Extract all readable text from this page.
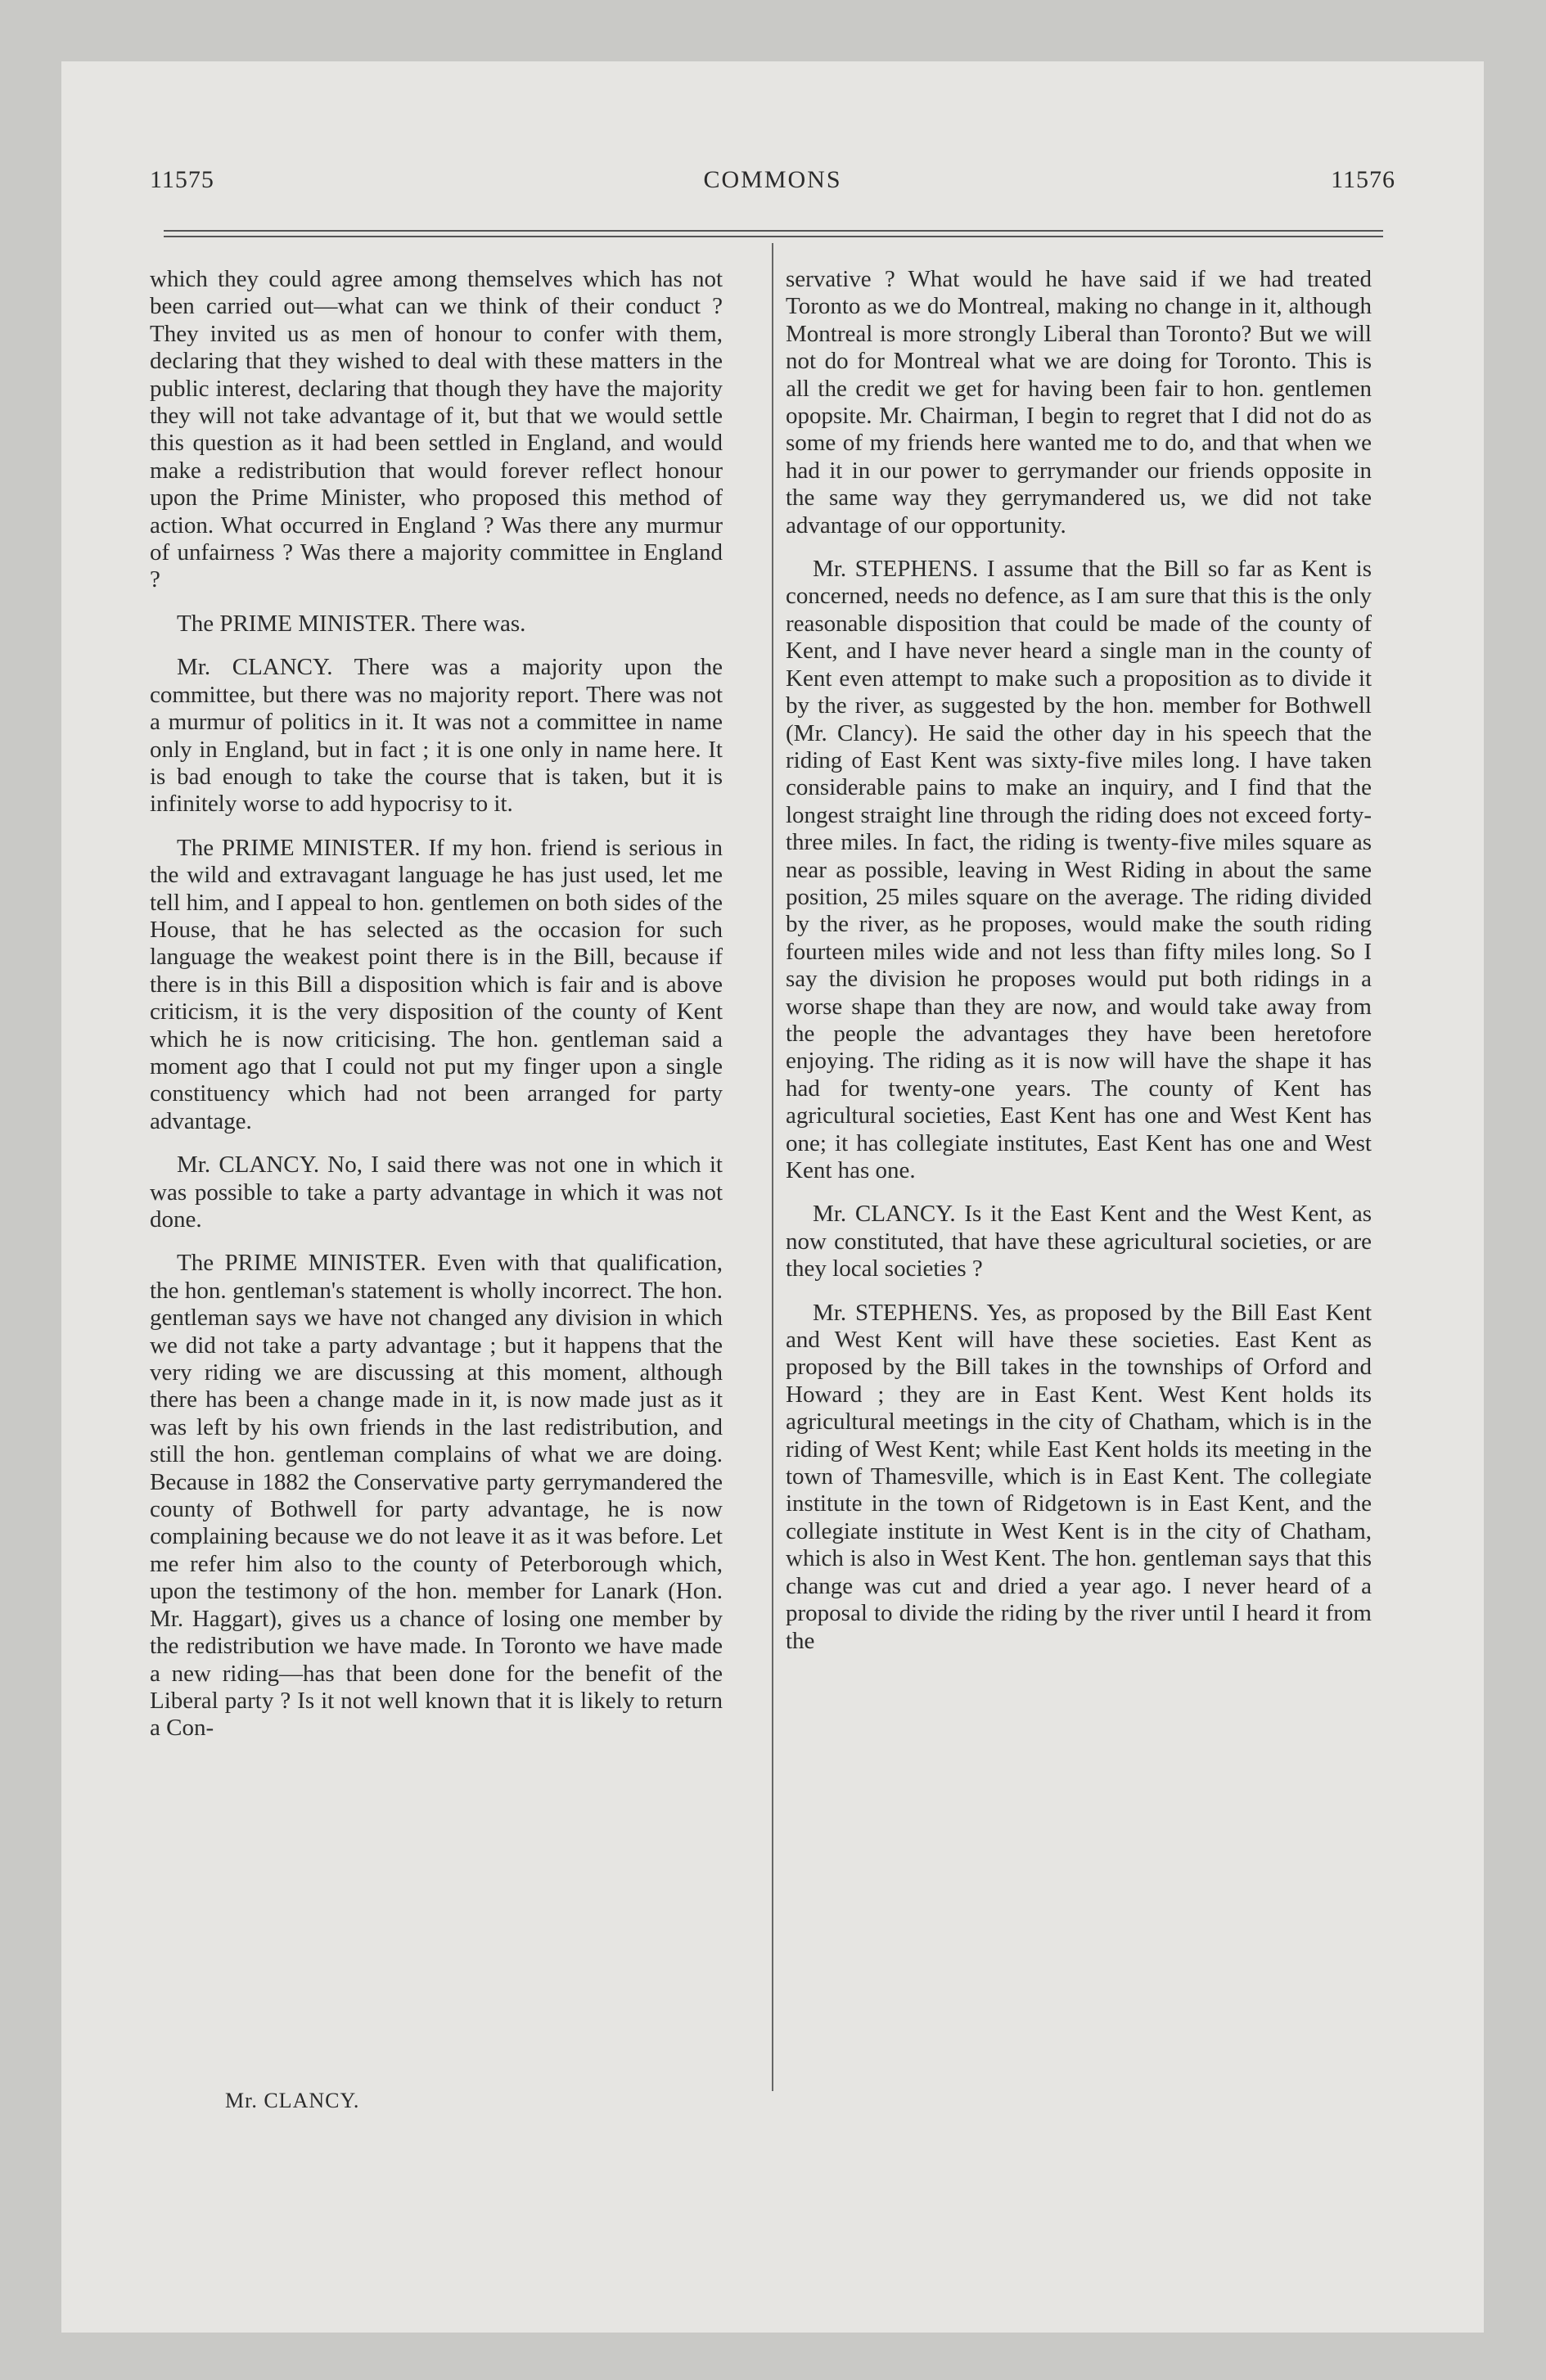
11575	COMMONS	11576

which they could agree among themselves which has not been carried out—what can we think of their conduct ? They invited us as men of honour to confer with them, declaring that they wished to deal with these matters in the public interest, declaring that though they have the majority they will not take advantage of it, but that we would settle this question as it had been settled in England, and would make a redistribution that would forever reflect honour upon the Prime Minister, who proposed this method of action. What occurred in England ? Was there any murmur of unfairness ? Was there a majority committee in England ?

The PRIME MINISTER. There was.

Mr. CLANCY. There was a majority upon the committee, but there was no majority report. There was not a murmur of politics in it. It was not a committee in name only in England, but in fact ; it is one only in name here. It is bad enough to take the course that is taken, but it is infinitely worse to add hypocrisy to it.

The PRIME MINISTER. If my hon. friend is serious in the wild and extravagant language he has just used, let me tell him, and I appeal to hon. gentlemen on both sides of the House, that he has selected as the occasion for such language the weakest point there is in the Bill, because if there is in this Bill a disposition which is fair and is above criticism, it is the very disposition of the county of Kent which he is now criticising. The hon. gentleman said a moment ago that I could not put my finger upon a single constituency which had not been arranged for party advantage.

Mr. CLANCY. No, I said there was not one in which it was possible to take a party advantage in which it was not done.

The PRIME MINISTER. Even with that qualification, the hon. gentleman's statement is wholly incorrect. The hon. gentleman says we have not changed any division in which we did not take a party advantage ; but it happens that the very riding we are discussing at this moment, although there has been a change made in it, is now made just as it was left by his own friends in the last redistribution, and still the hon. gentleman complains of what we are doing. Because in 1882 the Conservative party gerrymandered the county of Bothwell for party advantage, he is now complaining because we do not leave it as it was before. Let me refer him also to the county of Peterborough which, upon the testimony of the hon. member for Lanark (Hon. Mr. Haggart), gives us a chance of losing one member by the redistribution we have made. In Toronto we have made a new riding—has that been done for the benefit of the Liberal party ? Is it not well known that it is likely to return a Con-

servative ? What would he have said if we had treated Toronto as we do Montreal, making no change in it, although Montreal is more strongly Liberal than Toronto? But we will not do for Montreal what we are doing for Toronto. This is all the credit we get for having been fair to hon. gentlemen opopsite. Mr. Chairman, I begin to regret that I did not do as some of my friends here wanted me to do, and that when we had it in our power to gerrymander our friends opposite in the same way they gerrymandered us, we did not take advantage of our opportunity.

Mr. STEPHENS. I assume that the Bill so far as Kent is concerned, needs no defence, as I am sure that this is the only reasonable disposition that could be made of the county of Kent, and I have never heard a single man in the county of Kent even attempt to make such a proposition as to divide it by the river, as suggested by the hon. member for Bothwell (Mr. Clancy). He said the other day in his speech that the riding of East Kent was sixty-five miles long. I have taken considerable pains to make an inquiry, and I find that the longest straight line through the riding does not exceed forty-three miles. In fact, the riding is twenty-five miles square as near as possible, leaving in West Riding in about the same position, 25 miles square on the average. The riding divided by the river, as he proposes, would make the south riding fourteen miles wide and not less than fifty miles long. So I say the division he proposes would put both ridings in a worse shape than they are now, and would take away from the people the advantages they have been heretofore enjoying. The riding as it is now will have the shape it has had for twenty-one years. The county of Kent has agricultural societies, East Kent has one and West Kent has one; it has collegiate institutes, East Kent has one and West Kent has one.

Mr. CLANCY. Is it the East Kent and the West Kent, as now constituted, that have these agricultural societies, or are they local societies ?

Mr. STEPHENS. Yes, as proposed by the Bill East Kent and West Kent will have these societies. East Kent as proposed by the Bill takes in the townships of Orford and Howard ; they are in East Kent. West Kent holds its agricultural meetings in the city of Chatham, which is in the riding of West Kent; while East Kent holds its meeting in the town of Thamesville, which is in East Kent. The collegiate institute in the town of Ridgetown is in East Kent, and the collegiate institute in West Kent is in the city of Chatham, which is also in West Kent. The hon. gentleman says that this change was cut and dried a year ago. I never heard of a proposal to divide the riding by the river until I heard it from the

Mr. CLANCY.
